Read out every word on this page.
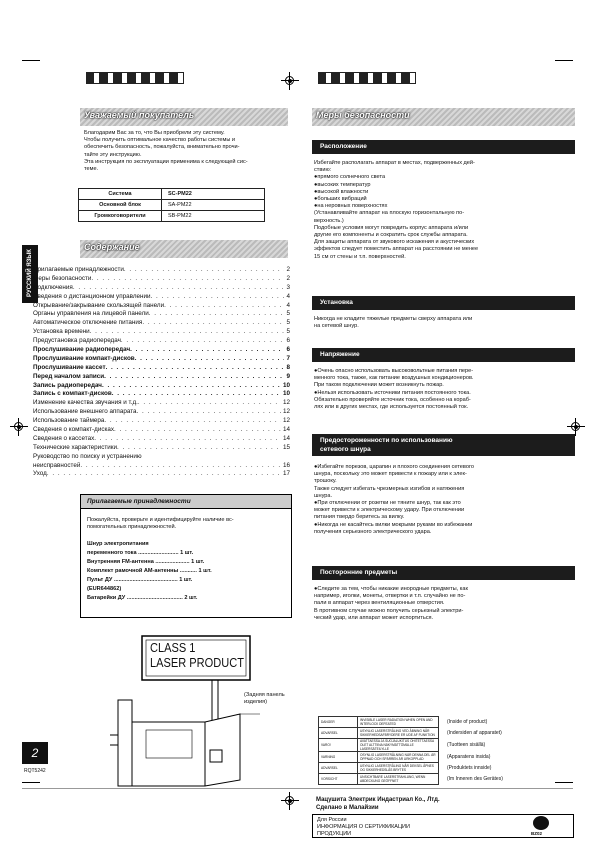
Уважаемый покупатель
Благодарим Вас за то, что Вы приобрели эту систему.
Чтобы получить оптимальное качество работы системы и
обеспечить безопасность, пожалуйста, внимательно прочи-
тайте эту инструкцию.
Эта инструкция по эксплуатации применима к следующей сис-
теме.
Система	SC-PM22
Основной блок	SA-PM22
Громкоговорители	SB-PM22
РУССКИЙ ЯЗЫК
Содержание
Прилагаемые принадлежности . . .	2
Меры безопасности . . .	2
Подключения . . .	3
Сведения о дистанционном управлении . . .	4
Открывание/закрывание скользящей панели . . .	4
Органы управления на лицевой панели . . .	5
Автоматическое отключение питания . . .	5
Установка времени . . .	5
Предустановка радиопередач . . .	6
Прослушивание радиопередач . . .	6
Прослушивание компакт-дисков . . .	7
Прослушивание кассет . . .	8
Перед началом записи . . .	9
Запись радиопередач . . .	10
Запись с компакт-дисков . . .	10
Изменение качества звучания и т.д. . . .	12
Использование внешнего аппарата . . .	12
Использование таймера . . .	12
Сведения о компакт-дисках . . .	14
Сведения о кассетах . . .	14
Технические характеристики . . .	15
Руководство по поиску и устранению
неисправностей . . .	16
Уход . . .	17
Прилагаемые принадлежности
Пожалуйста, проверьте и идентифицируйте наличие вс-
помогательных принадлежностей.
Шнур электропитания
переменного тока .......................... 1 шт.
Внутренняя FM-антенна ...................... 1 шт.
Комплект рамочной AM-антенны ........... 1 шт.
Пульт ДУ ......................................... 1 шт.
(EUR644862)
Батарейки ДУ .................................... 2 шт.
CLASS 1
LASER PRODUCT
(Задняя панель
изделия)
2
RQT5242
Меры безопасности
Расположение
Избегайте располагать аппарат в местах, подверженных дей-
ствию:
●прямого солнечного света
●высоких температур
●высокой влажности
●больших вибраций
●на неровных поверхностях
(Устанавливайте аппарат на плоскую горизонтальную по-
верхность.)
Подобные условия могут повредить корпус аппарата и/или
другие его компоненты и сократить срок службы аппарата.
Для защиты аппарата от звукового искажения и акустических
эффектов следует поместить аппарат на расстоянии не менее
15 см от стены и т.п. поверхностей.
Установка
Никогда не кладите тяжелые предметы сверху аппарата или
на сетевой шнур.
Напряжение
●Очень опасно использовать высоковольтные питания пере-
менного тока, также, как питание воздушных кондиционеров.
При таком подключении может возникнуть пожар.
●Нельзя использовать источники питания постоянного тока.
Обязательно проверяйте источник тока, особенно на кораб-
лях или в других местах, где используется постоянный ток.
Предостороженности по использованию
сетевого шнура
●Избегайте порезов, царапин и плохого соединения сетевого
шнура, поскольку это может привести к пожару или к элек-
трошоку.
Также следует избегать чрезмерных изгибов и натяжения
шнура.
●При отключении от розетки не тяните шнур, так как это
может привести к электрическому удару. При отключении
питания твердо беритесь за вилку.
●Никогда не касайтесь вилки мокрыми руками во избежании
получения серьезного электрического удара.
Посторонние предметы
●Следите за тем, чтобы никакие инородные предметы, как
например, иголки, монеты, отвертки и т.п. случайно не по-
пали в аппарат через вентиляционные отверстия.
В противном случае можно получить серьезный электри-
ческий удар, или аппарат может испортиться.
DANGER	INVISIBLE LASER RADIATION WHEN OPEN AND INTERLOCK DEFEATED	(Inside of product)
ADVARSEL	USYNLIG LASERSTRÅLING VED ÅBNING NÅR SIKKERHEDSAFBRYDERE ER UDE AF FUNKTION	(Indersiden af apparatet)
VARO!	AVATTAESSA JA SUOJALUKITUS OHITETTAESSA OLET ALTTIINA NÄKYMÄTTÖMÄLLE LASERSÄTEILYLLE	(Tuotteen sisällä)
VARNING	OSYNLIG LASERSTRÅLNING NÄR DENNA DEL ÄR ÖPPNAD OCH SPÄRREN ÄR URKOPPLAD	(Apparatens insida)
ADVARSEL	USYNLIG LASERSTRÅLING NÅR DEKSEL ÅPNES OG SIKKERHEDSLÅS BRYTES	(Produktets innside)
VORSICHT	UNSICHTBARE LASERSTRAHLUNG, WENN ABDECKUNG GEÖFFNET	(Im Inneren des Gerätes)
Мацушита Электрик Индастриал Ко., Лтд.
Сделано в Малайзии
Для России
ИНФОРМАЦИЯ О СЕРТИФИКАЦИИ
ПРОДУКЦИИ	BZ02
